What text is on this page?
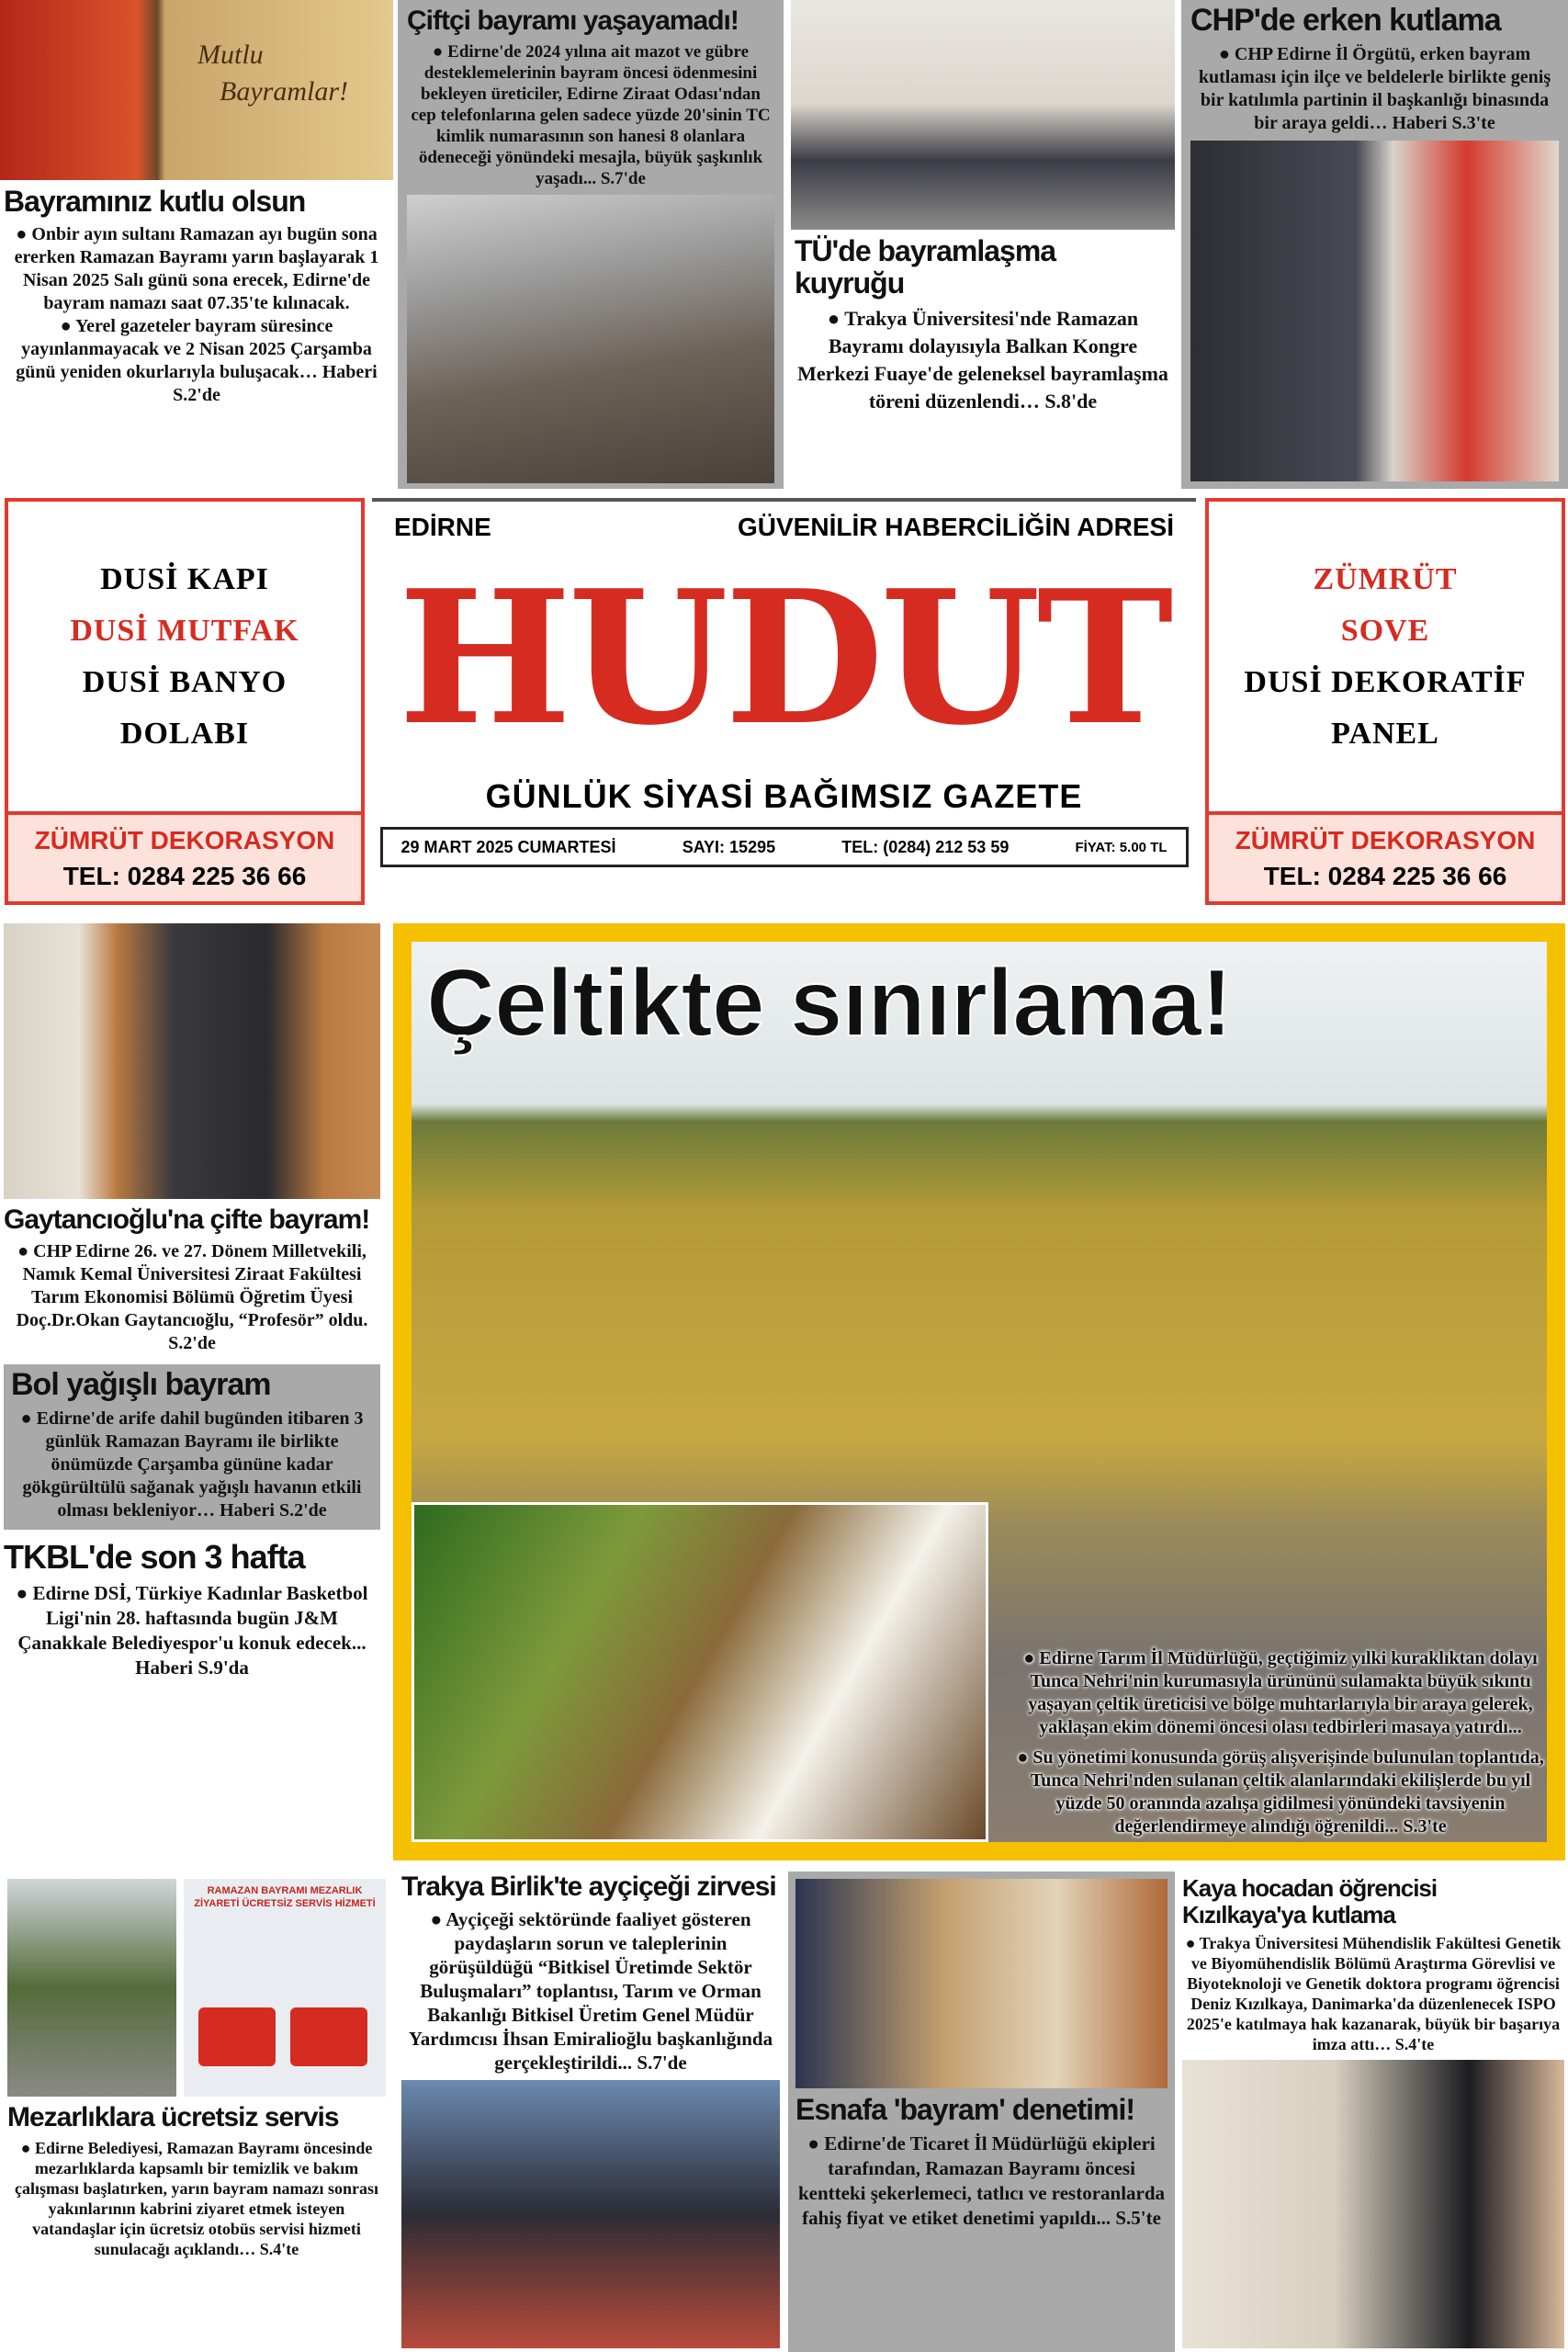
Mutlu
Bayramlar!
Bayramınız kutlu olsun

● Onbir ayın sultanı Ramazan ayı bugün sona ererken Ramazan Bayramı yarın başlayarak 1 Nisan 2025 Salı günü sona erecek, Edirne'de bayram namazı saat 07.35'te kılınacak.

● Yerel gazeteler bayram süresince yayınlanmayacak ve 2 Nisan 2025 Çarşamba günü yeniden okurlarıyla buluşacak… Haberi S.2'de

Çiftçi bayramı yaşayamadı!
● Edirne'de 2024 yılına ait mazot ve gübre desteklemelerinin bayram öncesi ödenmesini bekleyen üreticiler, Edirne Ziraat Odası'ndan cep telefonlarına gelen sadece yüzde 20'sinin TC kimlik numarasının son hanesi 8 olanlara ödeneceği yönündeki mesajla, büyük şaşkınlık yaşadı... S.7'de
TÜ'de bayramlaşma kuyruğu
● Trakya Üniversitesi'nde Ramazan Bayramı dolayısıyla Balkan Kongre Merkezi Fuaye'de geleneksel bayramlaşma töreni düzenlendi… S.8'de
CHP'de erken kutlama
● CHP Edirne İl Örgütü, erken bayram kutlaması için ilçe ve beldelerle birlikte geniş bir katılımla partinin il başkanlığı binasında bir araya geldi… Haberi S.3'te
DUSİ KAPI
DUSİ MUTFAK
DUSİ BANYO
DOLABI
ZÜMRÜT DEKORASYON
TEL: 0284 225 36 66
EDİRNE	GÜVENİLİR HABERCİLİĞİN ADRESİ
HUDUT
GÜNLÜK SİYASİ BAĞIMSIZ GAZETE
29 MART 2025 CUMARTESİ	SAYI: 15295	TEL: (0284) 212 53 59	FİYAT: 5.00 TL
ZÜMRÜT
SOVE
DUSİ DEKORATİF
PANEL
ZÜMRÜT DEKORASYON
TEL: 0284 225 36 66
Gaytancıoğlu'na çifte bayram!
● CHP Edirne 26. ve 27. Dönem Milletvekili, Namık Kemal Üniversitesi Ziraat Fakültesi Tarım Ekonomisi Bölümü Öğretim Üyesi Doç.Dr.Okan Gaytancıoğlu, “Profesör” oldu. S.2'de
Bol yağışlı bayram
● Edirne'de arife dahil bugünden itibaren 3 günlük Ramazan Bayramı ile birlikte önümüzde Çarşamba gününe kadar gökgürültülü sağanak yağışlı havanın etkili olması bekleniyor… Haberi S.2'de
TKBL'de son 3 hafta
● Edirne DSİ, Türkiye Kadınlar Basketbol Ligi'nin 28. haftasında bugün J&M Çanakkale Belediyespor'u konuk edecek... Haberi S.9'da
Çeltikte sınırlama!
● Edirne Tarım İl Müdürlüğü, geçtiğimiz yılki kuraklıktan dolayı Tunca Nehri'nin kurumasıyla ürününü sulamakta büyük sıkıntı yaşayan çeltik üreticisi ve bölge muhtarlarıyla bir araya gelerek, yaklaşan ekim dönemi öncesi olası tedbirleri masaya yatırdı...
● Su yönetimi konusunda görüş alışverişinde bulunulan toplantıda, Tunca Nehri'nden sulanan çeltik alanlarındaki ekilişlerde bu yıl yüzde 50 oranında azalışa gidilmesi yönündeki tavsiyenin değerlendirmeye alındığı öğrenildi... S.3'te
RAMAZAN BAYRAMI MEZARLIK ZİYARETİ ÜCRETSİZ SERVİS HİZMETİ
Mezarlıklara ücretsiz servis
● Edirne Belediyesi, Ramazan Bayramı öncesinde mezarlıklarda kapsamlı bir temizlik ve bakım çalışması başlatırken, yarın bayram namazı sonrası yakınlarının kabrini ziyaret etmek isteyen vatandaşlar için ücretsiz otobüs servisi hizmeti sunulacağı açıklandı… S.4'te
Trakya Birlik'te ayçiçeği zirvesi
● Ayçiçeği sektöründe faaliyet gösteren paydaşların sorun ve taleplerinin görüşüldüğü “Bitkisel Üretimde Sektör Buluşmaları” toplantısı, Tarım ve Orman Bakanlığı Bitkisel Üretim Genel Müdür Yardımcısı İhsan Emiralioğlu başkanlığında gerçekleştirildi... S.7'de
Esnafa 'bayram' denetimi!
● Edirne'de Ticaret İl Müdürlüğü ekipleri tarafından, Ramazan Bayramı öncesi kentteki şekerlemeci, tatlıcı ve restoranlarda fahiş fiyat ve etiket denetimi yapıldı... S.5'te
Kaya hocadan öğrencisi Kızılkaya'ya kutlama
● Trakya Üniversitesi Mühendislik Fakültesi Genetik ve Biyomühendislik Bölümü Araştırma Görevlisi ve Biyoteknoloji ve Genetik doktora programı öğrencisi Deniz Kızılkaya, Danimarka'da düzenlenecek ISPO 2025'e katılmaya hak kazanarak, büyük bir başarıya imza attı… S.4'te
